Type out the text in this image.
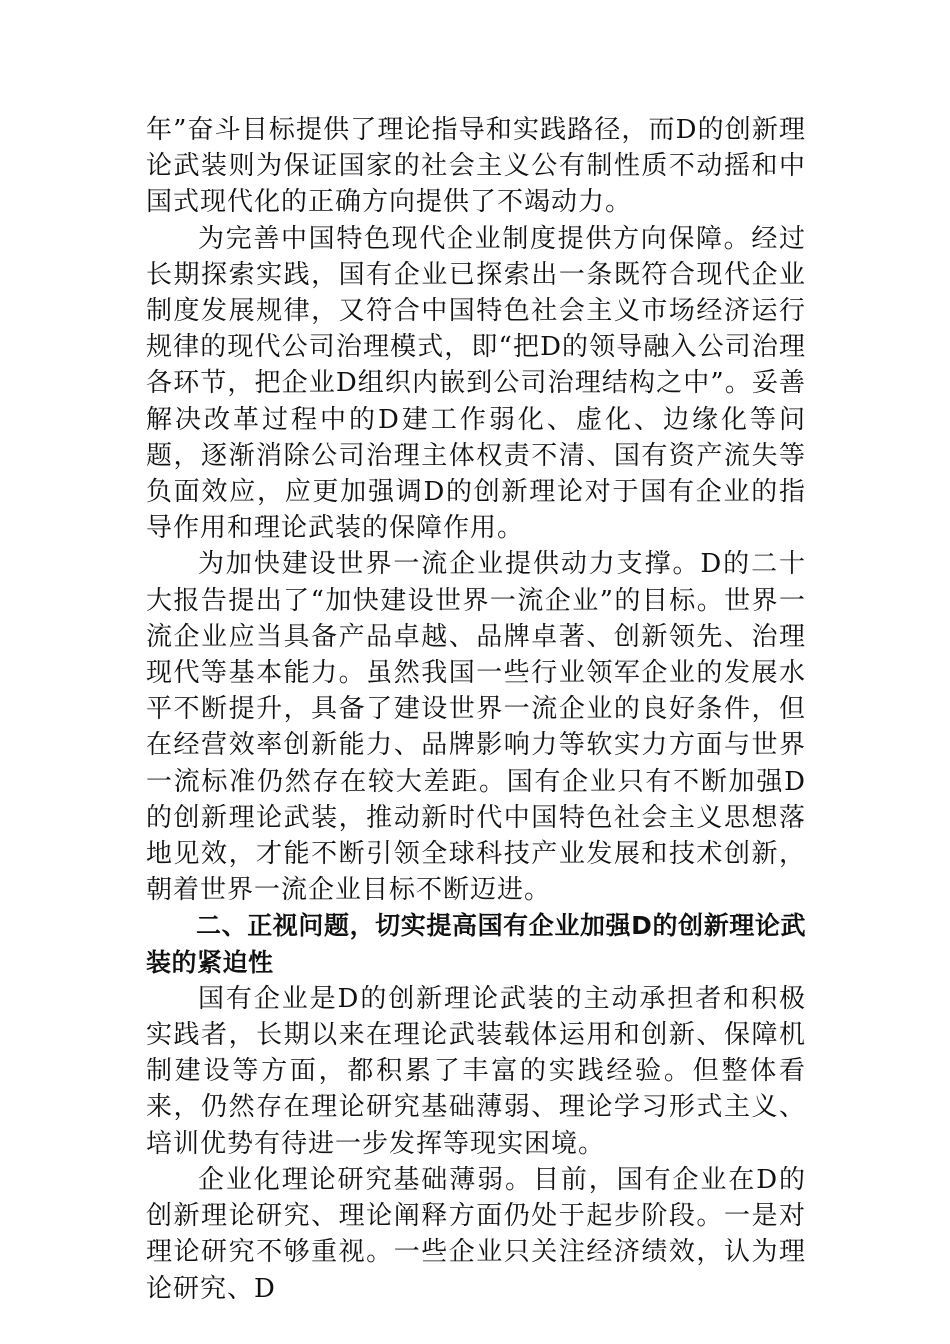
年”奋斗目标提供了理论指导和实践路径，而D的创新理论武装则为保证国家的社会主义公有制性质不动摇和中国式现代化的正确方向提供了不竭动力。

为完善中国特色现代企业制度提供方向保障。经过长期探索实践，国有企业已探索出一条既符合现代企业制度发展规律，又符合中国特色社会主义市场经济运行规律的现代公司治理模式，即“把D的领导融入公司治理各环节，把企业D组织内嵌到公司治理结构之中”。妥善解决改革过程中的D建工作弱化、虚化、边缘化等问题，逐渐消除公司治理主体权责不清、国有资产流失等负面效应，应更加强调D的创新理论对于国有企业的指导作用和理论武装的保障作用。

为加快建设世界一流企业提供动力支撑。D的二十大报告提出了“加快建设世界一流企业”的目标。世界一流企业应当具备产品卓越、品牌卓著、创新领先、治理现代等基本能力。虽然我国一些行业领军企业的发展水平不断提升，具备了建设世界一流企业的良好条件，但在经营效率创新能力、品牌影响力等软实力方面与世界一流标准仍然存在较大差距。国有企业只有不断加强D的创新理论武装，推动新时代中国特色社会主义思想落地见效，才能不断引领全球科技产业发展和技术创新，朝着世界一流企业目标不断迈进。

二、正视问题，切实提高国有企业加强D的创新理论武装的紧迫性

国有企业是D的创新理论武装的主动承担者和积极实践者，长期以来在理论武装载体运用和创新、保障机制建设等方面，都积累了丰富的实践经验。但整体看来，仍然存在理论研究基础薄弱、理论学习形式主义、培训优势有待进一步发挥等现实困境。

企业化理论研究基础薄弱。目前，国有企业在D的创新理论研究、理论阐释方面仍处于起步阶段。一是对理论研究不够重视。一些企业只关注经济绩效，认为理论研究、D
